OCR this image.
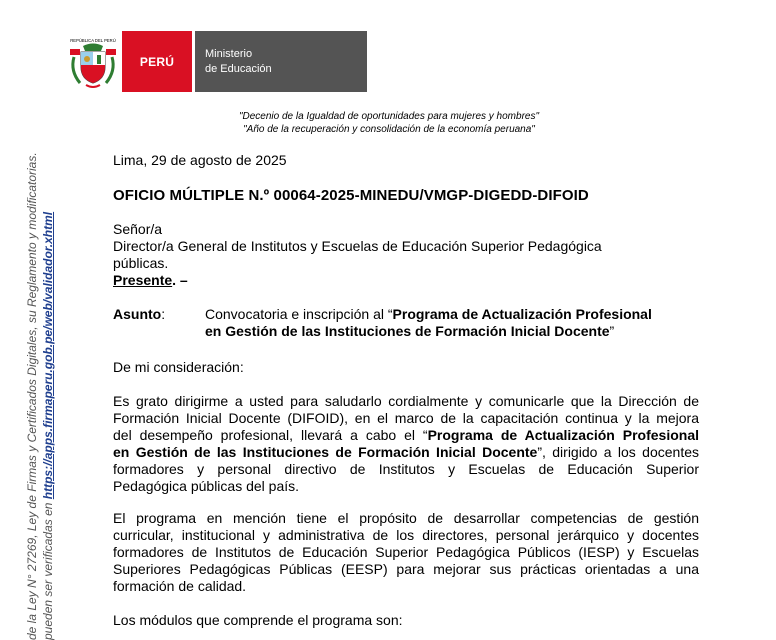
REPÚBLICA DEL PERÚ
PERÚ
Ministerio
de Educación
"Decenio de la Igualdad de oportunidades para mujeres y hombres"
"Año de la recuperación y consolidación de la economía peruana"
de la Ley N° 27269, Ley de Firmas y Certificados Digitales, su Reglamento y modificatorias. pueden ser verificadas en https://apps.firmaperu.gob.pe/web/validador.xhtml
Lima, 29 de agosto de 2025
OFICIO MÚLTIPLE N.º 00064-2025-MINEDU/VMGP-DIGEDD-DIFOID
Señor/a
Director/a General de Institutos y Escuelas de Educación Superior Pedagógica
públicas.
Presente. –
Asunto:	Convocatoria e inscripción al “Programa de Actualización Profesional
en Gestión de las Instituciones de Formación Inicial Docente”
De mi consideración:
Es grato dirigirme a usted para saludarlo cordialmente y comunicarle que la Dirección de
Formación Inicial Docente (DIFOID), en el marco de la capacitación continua y la mejora
del desempeño profesional, llevará a cabo el “Programa de Actualización Profesional
en Gestión de las Instituciones de Formación Inicial Docente”, dirigido a los docentes
formadores y personal directivo de Institutos y Escuelas de Educación Superior
Pedagógica públicas del país.
El programa en mención tiene el propósito de desarrollar competencias de gestión
curricular, institucional y administrativa de los directores, personal jerárquico y docentes
formadores de Institutos de Educación Superior Pedagógica Públicos (IESP) y Escuelas
Superiores Pedagógicas Públicas (EESP) para mejorar sus prácticas orientadas a una
formación de calidad.
Los módulos que comprende el programa son:
